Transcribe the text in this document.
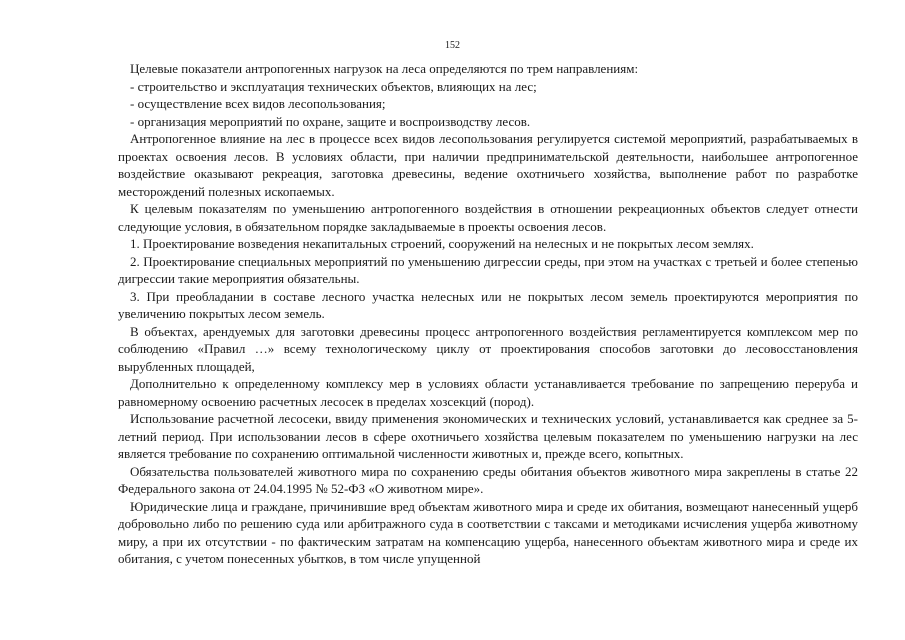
152

Целевые показатели антропогенных нагрузок на леса определяются по трем направлениям:

- строительство и эксплуатация технических объектов, влияющих на лес;

- осуществление всех видов лесопользования;

- организация мероприятий по охране, защите и воспроизводству лесов.

Антропогенное влияние на лес в процессе всех видов лесопользования регулируется системой мероприятий, разрабатываемых в проектах освоения лесов. В условиях области, при наличии предпринимательской деятельности, наибольшее антропогенное воздействие оказывают рекреация, заготовка древесины, ведение охотничьего хозяйства, выполнение работ по разработке месторождений полезных ископаемых.

К целевым показателям по уменьшению антропогенного воздействия в отношении рекреационных объектов следует отнести следующие условия, в обязательном порядке закладываемые в проекты освоения лесов.

1. Проектирование возведения некапитальных строений, сооружений на нелесных и не покрытых лесом землях.

2. Проектирование специальных мероприятий по уменьшению дигрессии среды, при этом на участках с третьей и более степенью дигрессии такие мероприятия обязательны.

3. При преобладании в составе лесного участка нелесных или не покрытых лесом земель проектируются мероприятия по увеличению покрытых лесом земель.

В объектах, арендуемых для заготовки древесины процесс антропогенного воздействия регламентируется комплексом мер по соблюдению «Правил …» всему технологическому циклу от проектирования способов заготовки до лесовосстановления вырубленных площадей,

Дополнительно к определенному комплексу мер в условиях области устанавливается требование по запрещению переруба и равномерному освоению расчетных лесосек в пределах хозсекций (пород).

Использование расчетной лесосеки, ввиду применения экономических и технических условий, устанавливается как среднее за 5-летний период. При использовании лесов в сфере охотничьего хозяйства целевым показателем по уменьшению нагрузки на лес является требование по сохранению оптимальной численности животных и, прежде всего, копытных.

Обязательства пользователей животного мира по сохранению среды обитания объектов животного мира закреплены в статье 22 Федерального закона от 24.04.1995 № 52-ФЗ «О животном мире».

Юридические лица и граждане, причинившие вред объектам животного мира и среде их обитания, возмещают нанесенный ущерб добровольно либо по решению суда или арбитражного суда в соответствии с таксами и методиками исчисления ущерба животному миру, а при их отсутствии - по фактическим затратам на компенсацию ущерба, нанесенного объектам животного мира и среде их обитания, с учетом понесенных убытков, в том числе упущенной
